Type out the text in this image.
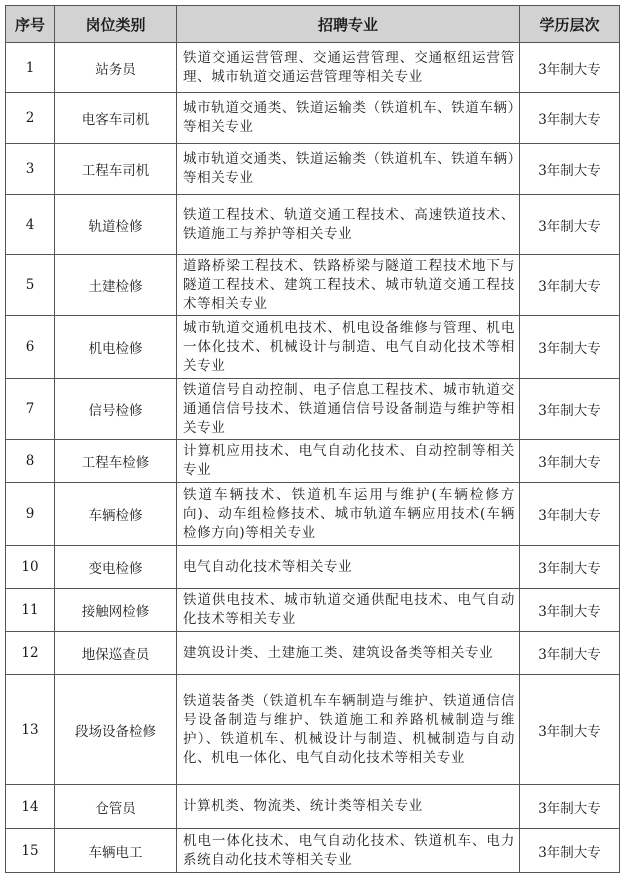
序号	岗位类别	招聘专业	学历层次
1	站务员	铁道交通运营管理、交通运营管理、交通枢纽运营管理、城市轨道交通运营管理等相关专业	3年制大专
2	电客车司机	城市轨道交通类、铁道运输类（铁道机车、铁道车辆）等相关专业	3年制大专
3	工程车司机	城市轨道交通类、铁道运输类（铁道机车、铁道车辆）等相关专业	3年制大专
4	轨道检修	铁道工程技术、轨道交通工程技术、高速铁道技术、铁道施工与养护等相关专业	3年制大专
5	土建检修	道路桥梁工程技术、铁路桥梁与隧道工程技术地下与隧道工程技术、建筑工程技术、城市轨道交通工程技术等相关专业	3年制大专
6	机电检修	城市轨道交通机电技术、机电设备维修与管理、机电一体化技术、机械设计与制造、电气自动化技术等相关专业	3年制大专
7	信号检修	铁道信号自动控制、电子信息工程技术、城市轨道交通通信信号技术、铁道通信信号设备制造与维护等相关专业	3年制大专
8	工程车检修	计算机应用技术、电气自动化技术、自动控制等相关专业	3年制大专
9	车辆检修	铁道车辆技术、铁道机车运用与维护(车辆检修方向)、动车组检修技术、城市轨道车辆应用技术(车辆检修方向)等相关专业	3年制大专
10	变电检修	电气自动化技术等相关专业	3年制大专
11	接触网检修	铁道供电技术、城市轨道交通供配电技术、电气自动化技术等相关专业	3年制大专
12	地保巡查员	建筑设计类、土建施工类、建筑设备类等相关专业	3年制大专
13	段场设备检修	铁道装备类（铁道机车车辆制造与维护、铁道通信信号设备制造与维护、铁道施工和养路机械制造与维护）、铁道机车、机械设计与制造、机械制造与自动化、机电一体化、电气自动化技术等相关专业	3年制大专
14	仓管员	计算机类、物流类、统计类等相关专业	3年制大专
15	车辆电工	机电一体化技术、电气自动化技术、铁道机车、电力系统自动化技术等相关专业	3年制大专
